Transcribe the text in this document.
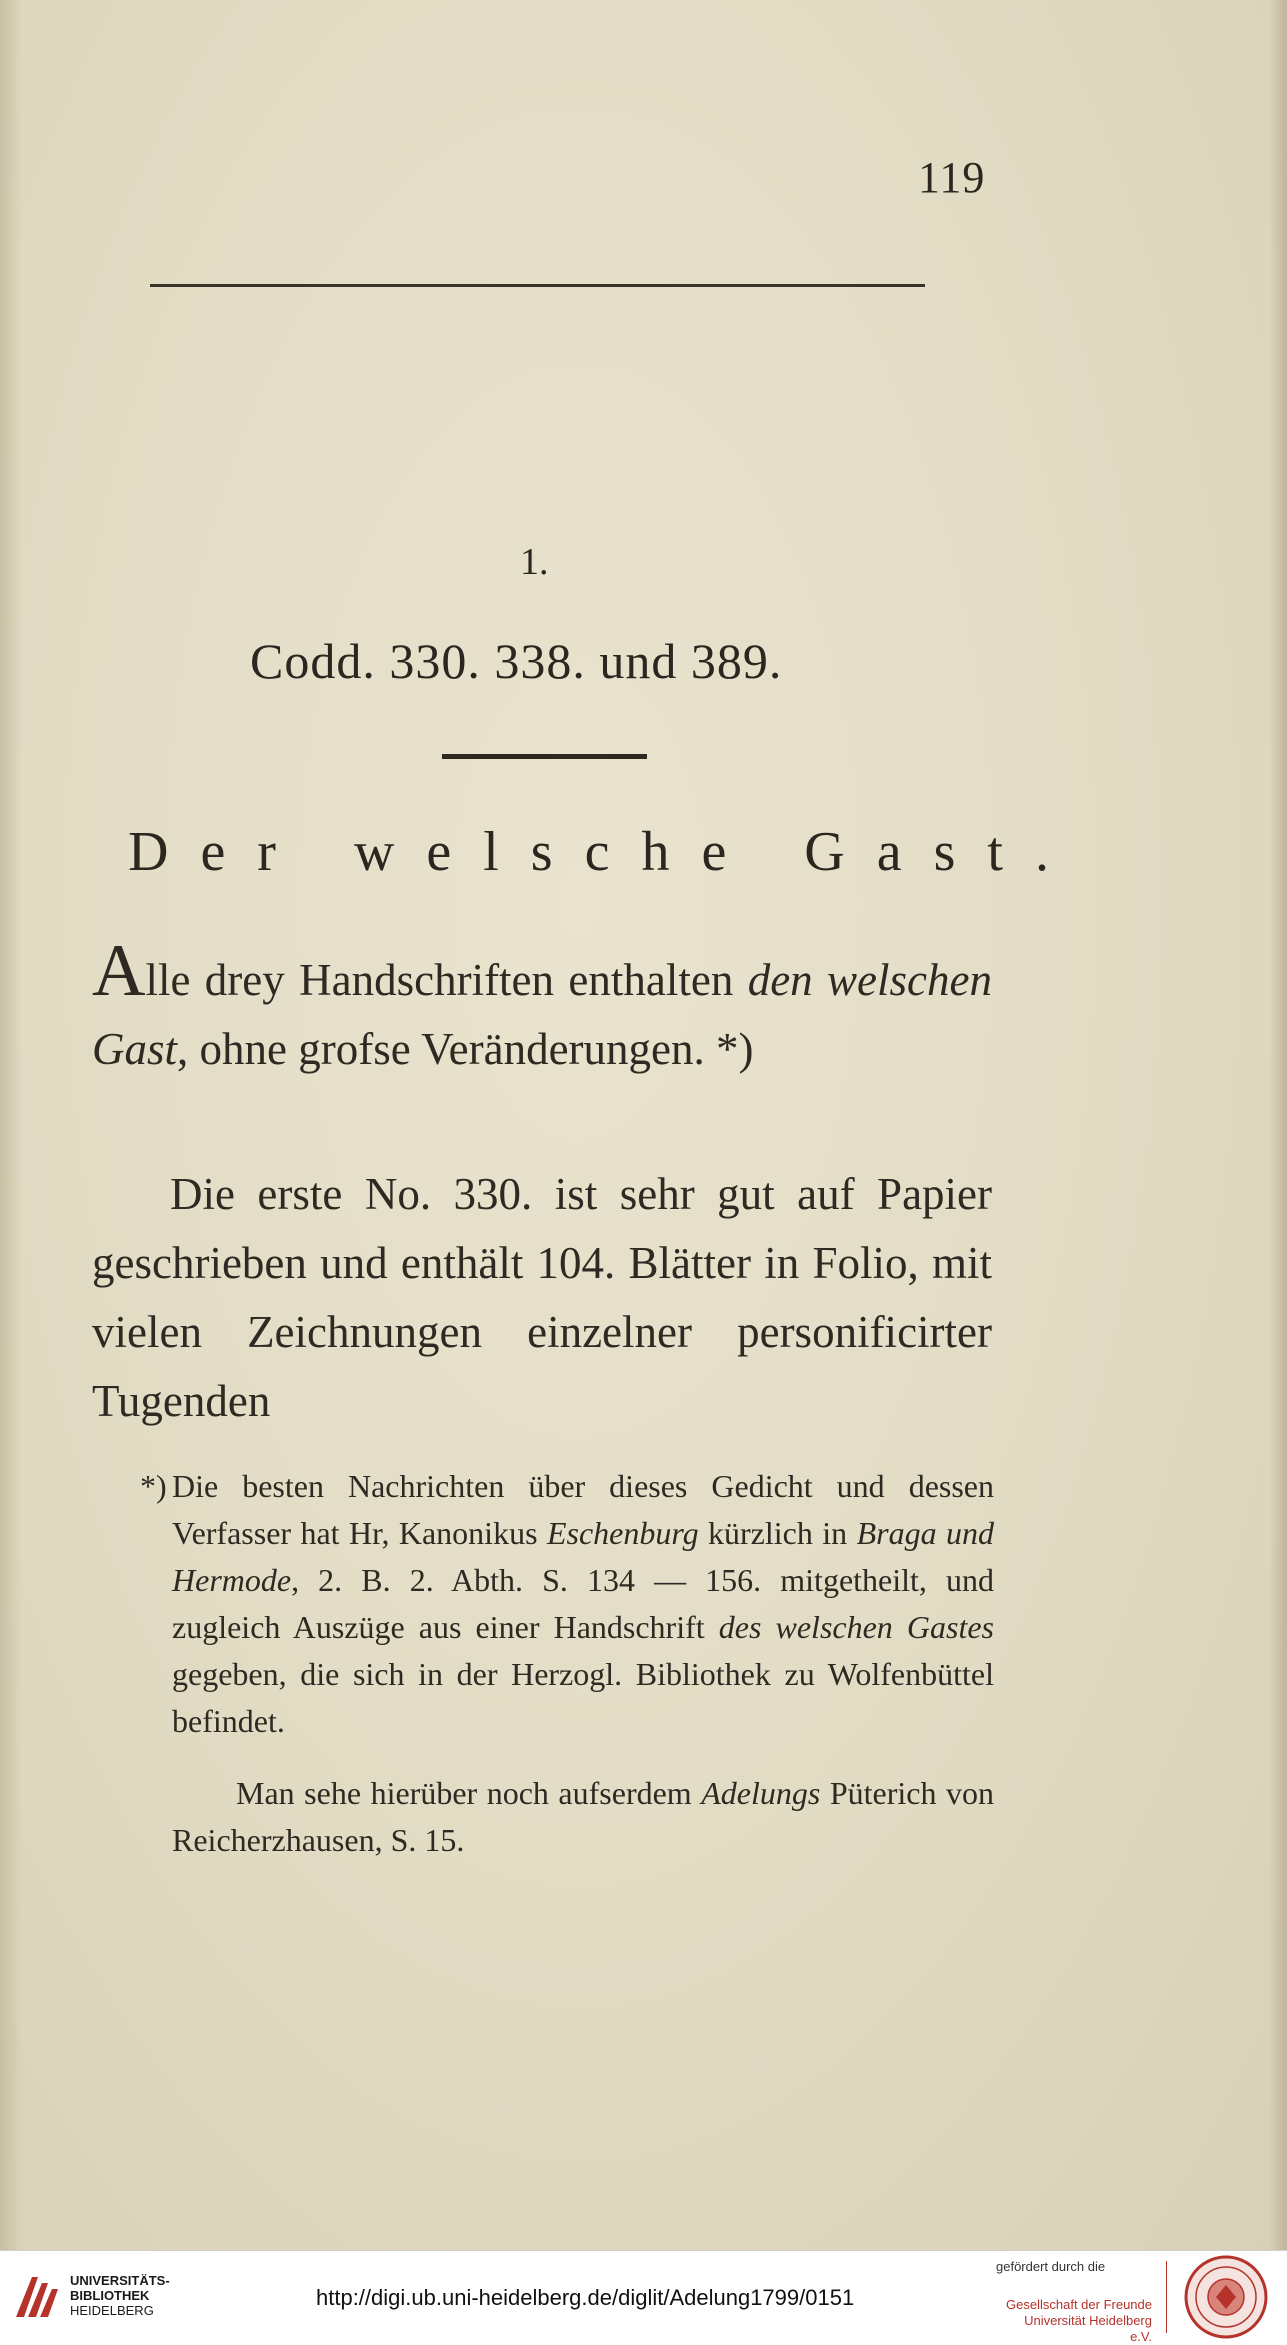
119
1.
Codd. 330. 338. und 389.
Der welsche Gast.
Alle drey Handschriften enthalten den welschen Gast, ohne grofse Veränderungen. *)
Die erste No. 330. ist sehr gut auf Papier geschrieben und enthält 104. Blätter in Folio, mit vielen Zeichnungen einzelner personificirter Tugenden
*) Die besten Nachrichten über dieses Gedicht und dessen Verfasser hat Hr, Kanonikus Eschenburg kürzlich in Braga und Hermode, 2. B. 2. Abth. S. 134 — 156. mitgetheilt, und zugleich Auszüge aus einer Handschrift des welschen Gastes gegeben, die sich in der Herzogl. Bibliothek zu Wolfenbüttel befindet.
Man sehe hierüber noch aufserdem Adelungs Püterich von Reicherzhausen, S. 15.
UNIVERSITÄTS-
BIBLIOTHEK
HEIDELBERG
http://digi.ub.uni-heidelberg.de/diglit/Adelung1799/0151
gefördert durch die
Gesellschaft der Freunde
Universität Heidelberg e.V.
